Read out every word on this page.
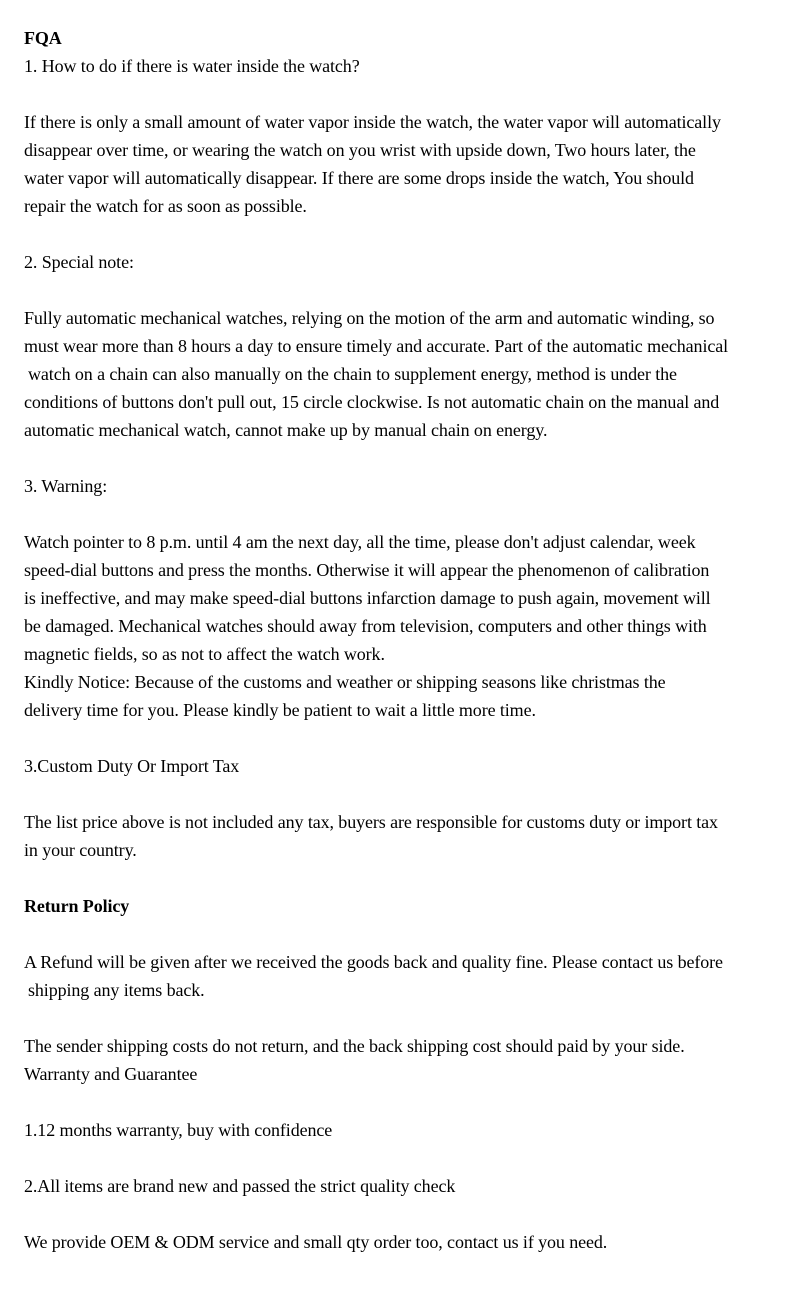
FQA
1. How to do if there is water inside the watch?
If there is only a small amount of water vapor inside the watch, the water vapor will automatically
disappear over time, or wearing the watch on you wrist with upside down, Two hours later, the
water vapor will automatically disappear. If there are some drops inside the watch, You should
repair the watch for as soon as possible.
2. Special note:
Fully automatic mechanical watches, relying on the motion of the arm and automatic winding, so
must wear more than 8 hours a day to ensure timely and accurate. Part of the automatic mechanical
watch on a chain can also manually on the chain to supplement energy, method is under the
conditions of buttons don't pull out, 15 circle clockwise. Is not automatic chain on the manual and
automatic mechanical watch, cannot make up by manual chain on energy.
3. Warning:
Watch pointer to 8 p.m. until 4 am the next day, all the time, please don't adjust calendar, week
speed-dial buttons and press the months. Otherwise it will appear the phenomenon of calibration
is ineffective, and may make speed-dial buttons infarction damage to push again, movement will
be damaged. Mechanical watches should away from television, computers and other things with
magnetic fields, so as not to affect the watch work.
Kindly Notice: Because of the customs and weather or shipping seasons like christmas the
delivery time for you. Please kindly be patient to wait a little more time.
3.Custom Duty Or Import Tax
The list price above is not included any tax, buyers are responsible for customs duty or import tax
in your country.
Return Policy
A Refund will be given after we received the goods back and quality fine. Please contact us before
shipping any items back.
The sender shipping costs do not return, and the back shipping cost should paid by your side.
Warranty and Guarantee
1.12 months warranty, buy with confidence
2.All items are brand new and passed the strict quality check
We provide OEM & ODM service and small qty order too, contact us if you need.
